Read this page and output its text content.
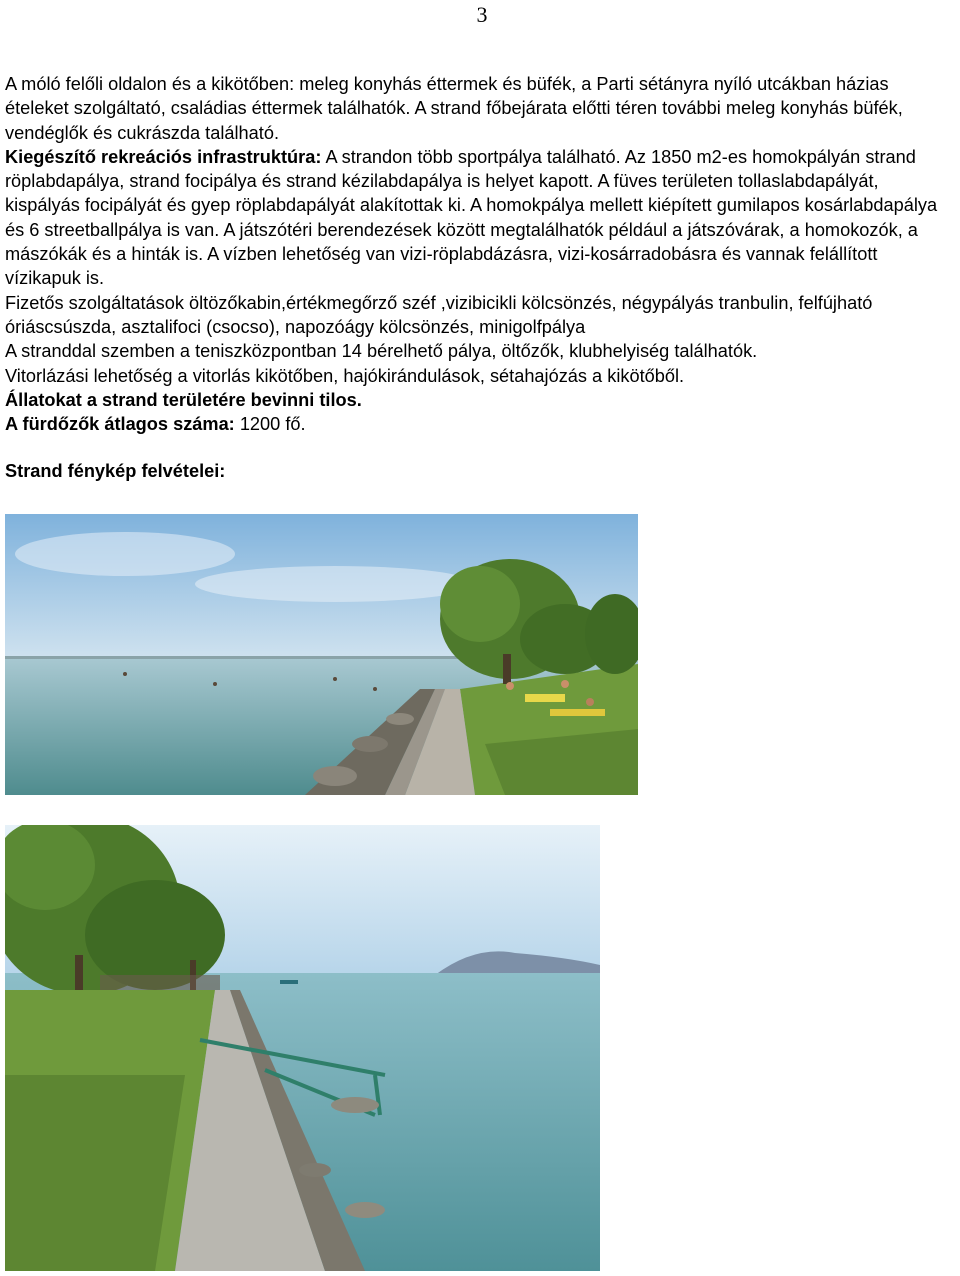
3

A móló felőli oldalon és a kikötőben: meleg konyhás éttermek és büfék, a Parti sétányra nyíló utcákban házias ételeket szolgáltató, családias éttermek találhatók. A strand főbejárata előtti téren további meleg konyhás büfék, vendéglők és cukrászda található.

Kiegészítő rekreációs infrastruktúra: A strandon több sportpálya található. Az 1850 m2-es homokpályán strand röplabdapálya, strand focipálya és strand kézilabdapálya is helyet kapott. A füves területen tollaslabdapályát, kispályás focipályát és gyep röplabdapályát alakítottak ki. A homokpálya mellett kiépített gumilapos kosárlabdapálya és 6 streetballpálya is van. A játszótéri berendezések között megtalálhatók például a játszóvárak, a homokozók, a mászókák és a hinták is. A vízben lehetőség van vizi-röplabdázásra, vizi-kosárradobásra és vannak felállított vízikapuk is.

Fizetős szolgáltatások öltözőkabin,értékmegőrző széf ,vizibicikli kölcsönzés, négypályás tranbulin, felfújható óriáscsúszda, asztalifoci (csocso), napozóágy kölcsönzés, minigolfpálya

A stranddal szemben a teniszközpontban 14 bérelhető pálya, öltőzők, klubhelyiség találhatók.

Vitorlázási lehetőség a vitorlás kikötőben, hajókirándulások, sétahajózás a kikötőből.

Állatokat a strand területére bevinni tilos.

A fürdőzők átlagos száma: 1200 fő.

Strand fénykép felvételei:
